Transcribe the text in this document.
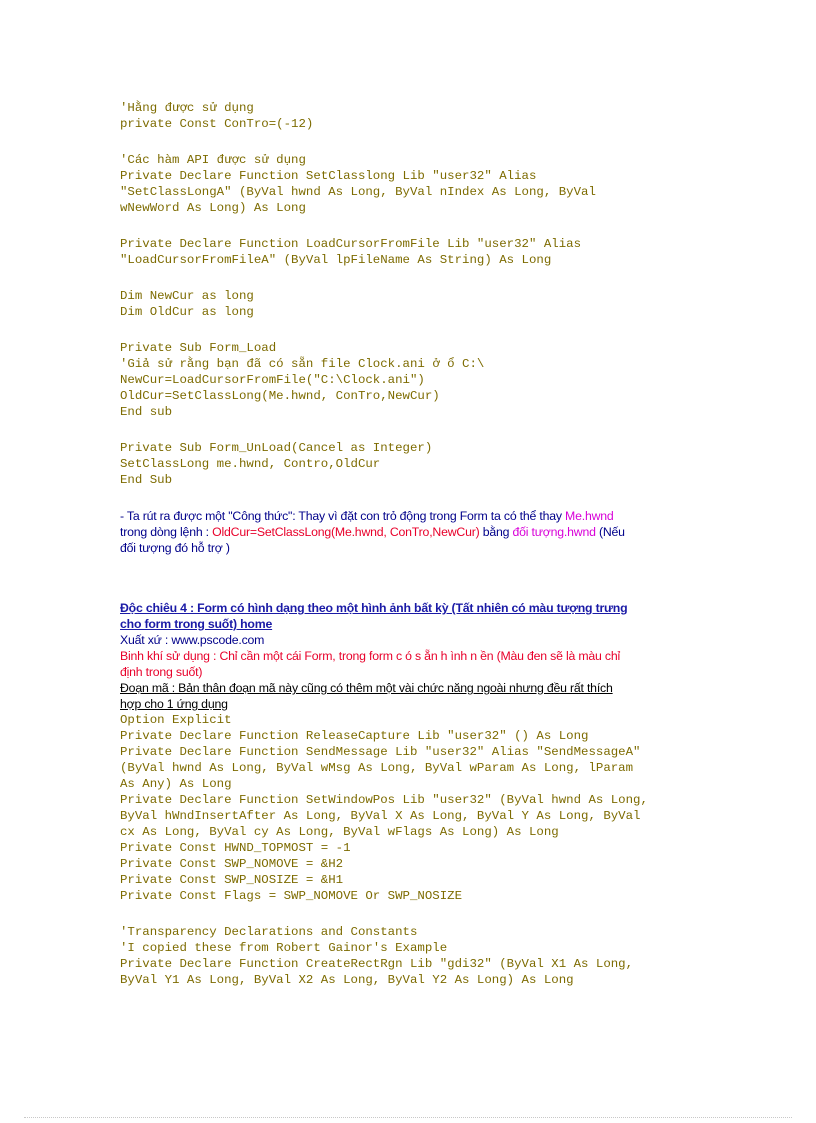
'Hằng được sử dụng

private Const ConTro=(-12)

'Các hàm API được sử dụng

Private Declare Function SetClasslong Lib "user32" Alias

"SetClassLongA" (ByVal hwnd As Long, ByVal nIndex As Long, ByVal

wNewWord As Long) As Long

Private Declare Function LoadCursorFromFile Lib "user32" Alias

"LoadCursorFromFileA" (ByVal lpFileName As String) As Long

Dim NewCur as long

Dim OldCur as long

Private Sub Form_Load

'Giả sử rằng bạn đã có sẵn file Clock.ani ở ổ C:\

NewCur=LoadCursorFromFile("C:\Clock.ani")

OldCur=SetClassLong(Me.hwnd, ConTro,NewCur)

End sub

Private Sub Form_UnLoad(Cancel as Integer)

SetClassLong me.hwnd, Contro,OldCur

End Sub

- Ta rút ra được một "Công thức": Thay vì đặt con trỏ động trong Form ta có thể thay Me.hwnd

trong dòng lệnh : OldCur=SetClassLong(Me.hwnd, ConTro,NewCur) bằng đối tượng.hwnd (Nếu

đối tượng đó hỗ trợ )

Độc chiêu 4 : Form có hình dạng theo một hình ảnh bất kỳ (Tất nhiên có màu tượng trưng

cho form trong suốt) home

Xuất xứ : www.pscode.com

Binh khí sử dụng : Chỉ cần một cái Form, trong form c ó s ẵn h ình n ền (Màu đen sẽ là màu chỉ

định trong suốt)

Đoạn mã : Bản thân đoạn mã này cũng có thêm một vài chức năng ngoài nhưng đều rất thích

hợp cho 1 ứng dụng

Option Explicit

Private Declare Function ReleaseCapture Lib "user32" () As Long

Private Declare Function SendMessage Lib "user32" Alias "SendMessageA"

(ByVal hwnd As Long, ByVal wMsg As Long, ByVal wParam As Long, lParam

As Any) As Long

Private Declare Function SetWindowPos Lib "user32" (ByVal hwnd As Long,

ByVal hWndInsertAfter As Long, ByVal X As Long, ByVal Y As Long, ByVal

cx As Long, ByVal cy As Long, ByVal wFlags As Long) As Long

Private Const HWND_TOPMOST = -1

Private Const SWP_NOMOVE = &H2

Private Const SWP_NOSIZE = &H1

Private Const Flags = SWP_NOMOVE Or SWP_NOSIZE

'Transparency Declarations and Constants

'I copied these from Robert Gainor's Example

Private Declare Function CreateRectRgn Lib "gdi32" (ByVal X1 As Long,

ByVal Y1 As Long, ByVal X2 As Long, ByVal Y2 As Long) As Long
